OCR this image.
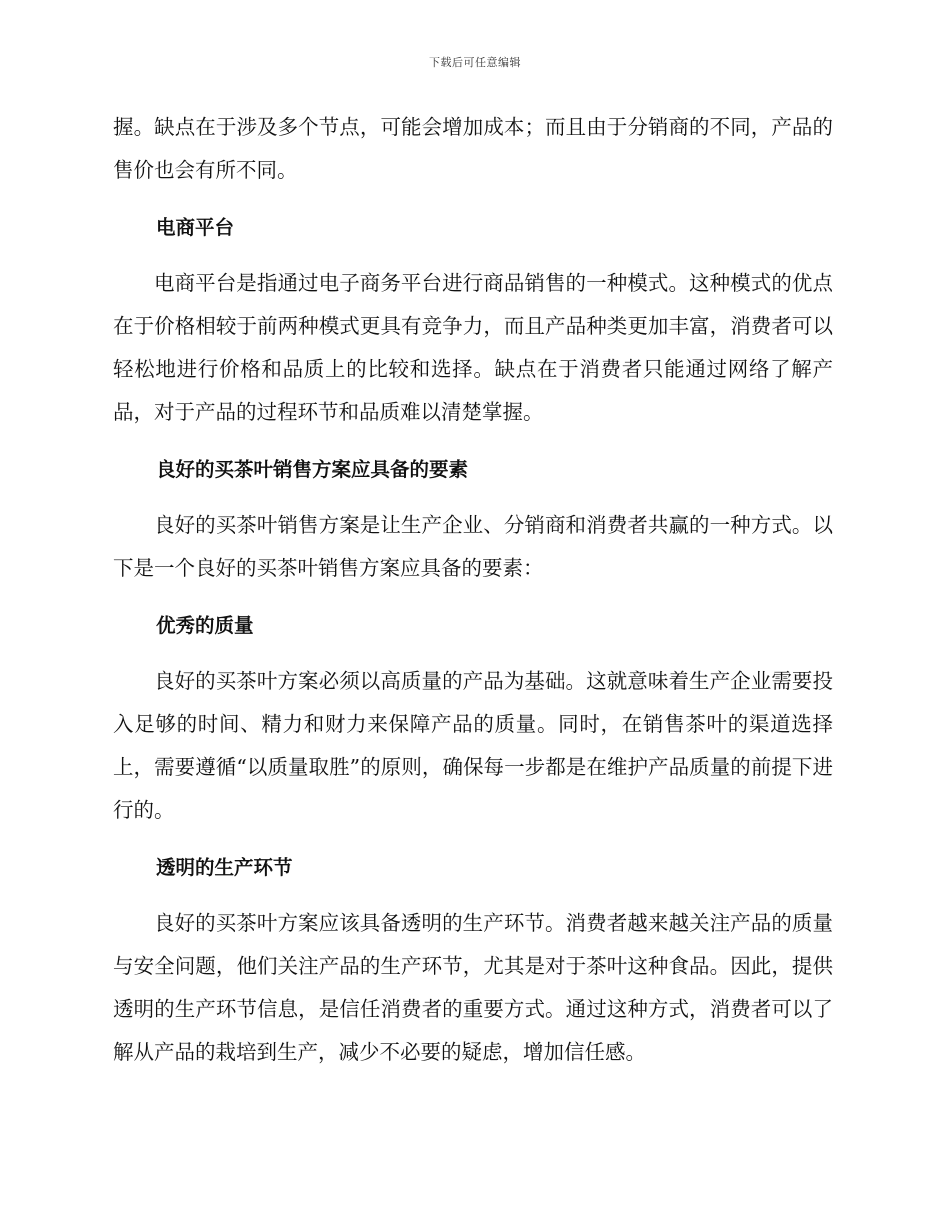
下载后可任意编辑

握。缺点在于涉及多个节点，可能会增加成本；而且由于分销商的不同，产品的售价也会有所不同。

电商平台

电商平台是指通过电子商务平台进行商品销售的一种模式。这种模式的优点在于价格相较于前两种模式更具有竞争力，而且产品种类更加丰富，消费者可以轻松地进行价格和品质上的比较和选择。缺点在于消费者只能通过网络了解产品，对于产品的过程环节和品质难以清楚掌握。

良好的买茶叶销售方案应具备的要素

良好的买茶叶销售方案是让生产企业、分销商和消费者共赢的一种方式。以下是一个良好的买茶叶销售方案应具备的要素：

优秀的质量

良好的买茶叶方案必须以高质量的产品为基础。这就意味着生产企业需要投入足够的时间、精力和财力来保障产品的质量。同时，在销售茶叶的渠道选择上，需要遵循“以质量取胜”的原则，确保每一步都是在维护产品质量的前提下进行的。

透明的生产环节

良好的买茶叶方案应该具备透明的生产环节。消费者越来越关注产品的质量与安全问题，他们关注产品的生产环节，尤其是对于茶叶这种食品。因此，提供透明的生产环节信息，是信任消费者的重要方式。通过这种方式，消费者可以了解从产品的栽培到生产，减少不必要的疑虑，增加信任感。
